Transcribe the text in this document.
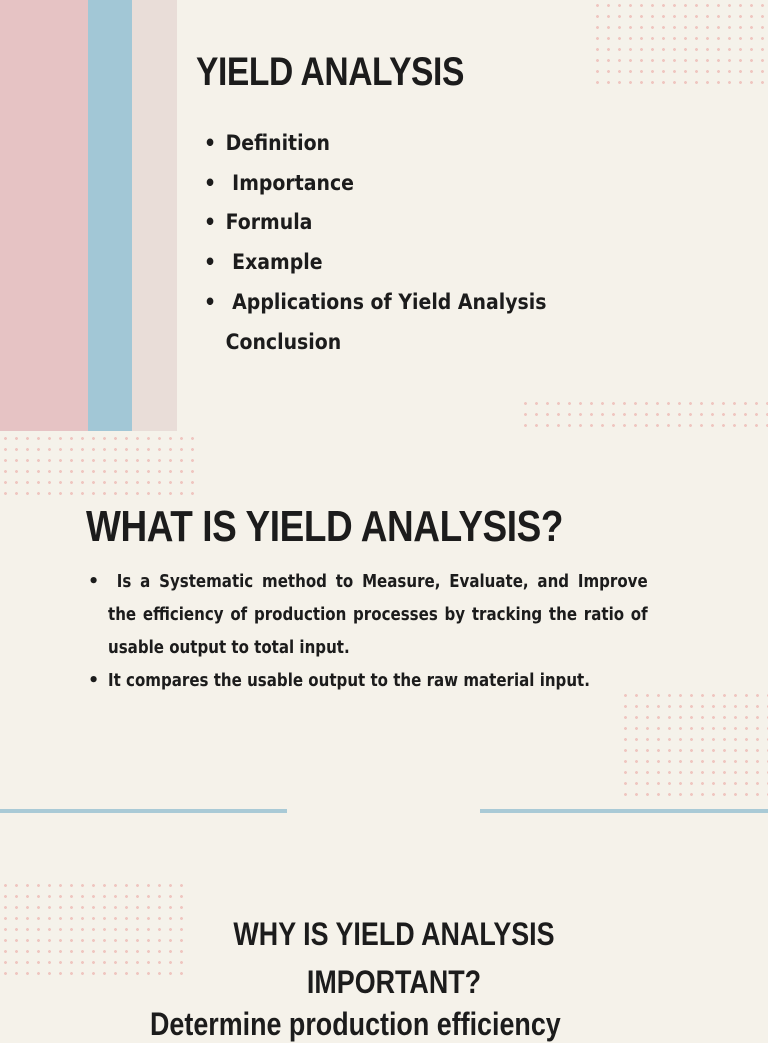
YIELD ANALYSIS
• Definition
• Importance
• Formula
• Example
• Applications of Yield Analysis
Conclusion
WHAT IS YIELD ANALYSIS?
• Is a Systematic method to Measure, Evaluate, and Improve the efficiency of production processes by tracking the ratio of usable output to total input.
• It compares the usable output to the raw material input.
WHY IS YIELD ANALYSIS
IMPORTANT?
Determine production efficiency
